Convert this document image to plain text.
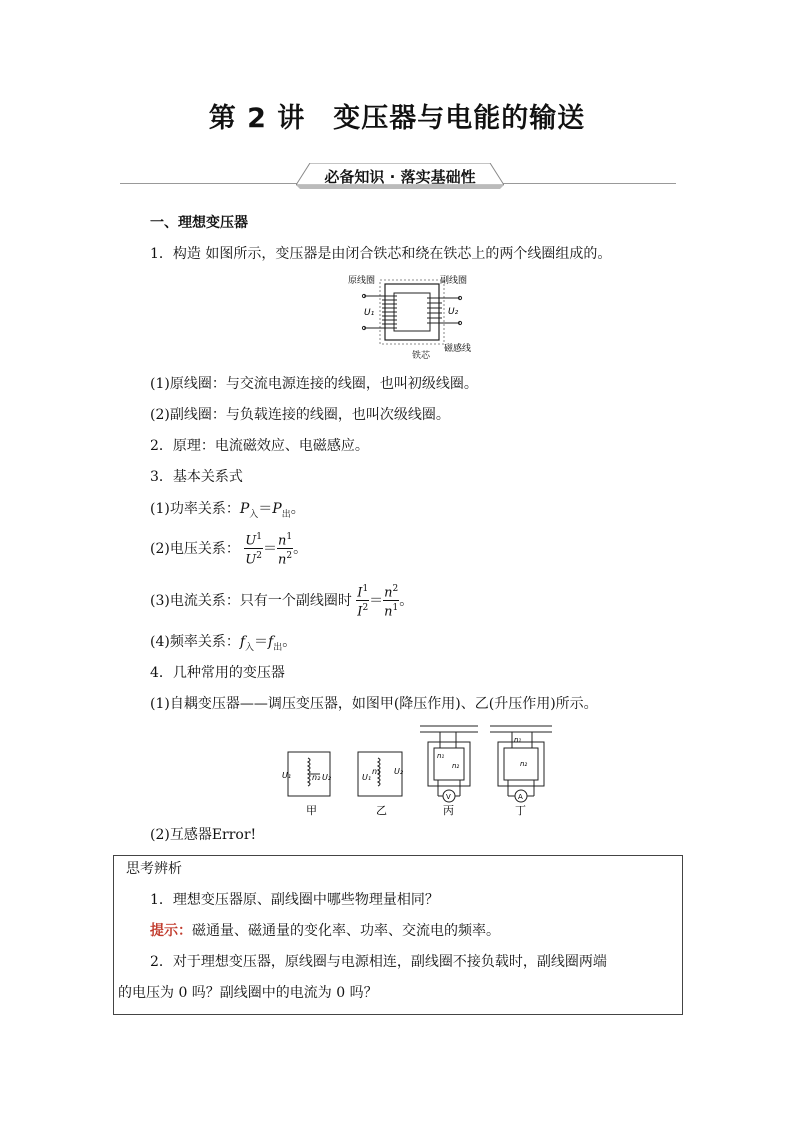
第 2 讲 变压器与电能的输送
必备知识 · 落实基础性
一、理想变压器
1．构造 如图所示，变压器是由闭合铁芯和绕在铁芯上的两个线圈组成的。
原线圈	副线圈
U₁	U₂
铁芯
磁感线
(1)原线圈：与交流电源连接的线圈，也叫初级线圈。
(2)副线圈：与负载连接的线圈，也叫次级线圈。
2．原理：电流磁效应、电磁感应。
3．基本关系式
(1)功率关系：$P_入=P_出$。
(2)电压关系： $\frac{U^1}{U^2} = \frac{n^1}{n^2}$ 。
(3)电流关系：只有一个副线圈时 $\frac{I^1}{I^2} = \frac{n^2}{n^1}$ 。
(4)频率关系：$f_入=f_出$。
4．几种常用的变压器
(1)自耦变压器——调压变压器，如图甲(降压作用)、乙(升压作用)所示。
U₁	n₂ U₂	U₁
n₁ U₂
V
n₁
n₂
A
n₁
n₂
甲	乙	丙	丁
(2)互感器Error!
思考辨析
1．理想变压器原、副线圈中哪些物理量相同？
提示：磁通量、磁通量的变化率、功率、交流电的频率。
2．对于理想变压器，原线圈与电源相连，副线圈不接负载时，副线圈两端
的电压为 0 吗？副线圈中的电流为 0 吗？
